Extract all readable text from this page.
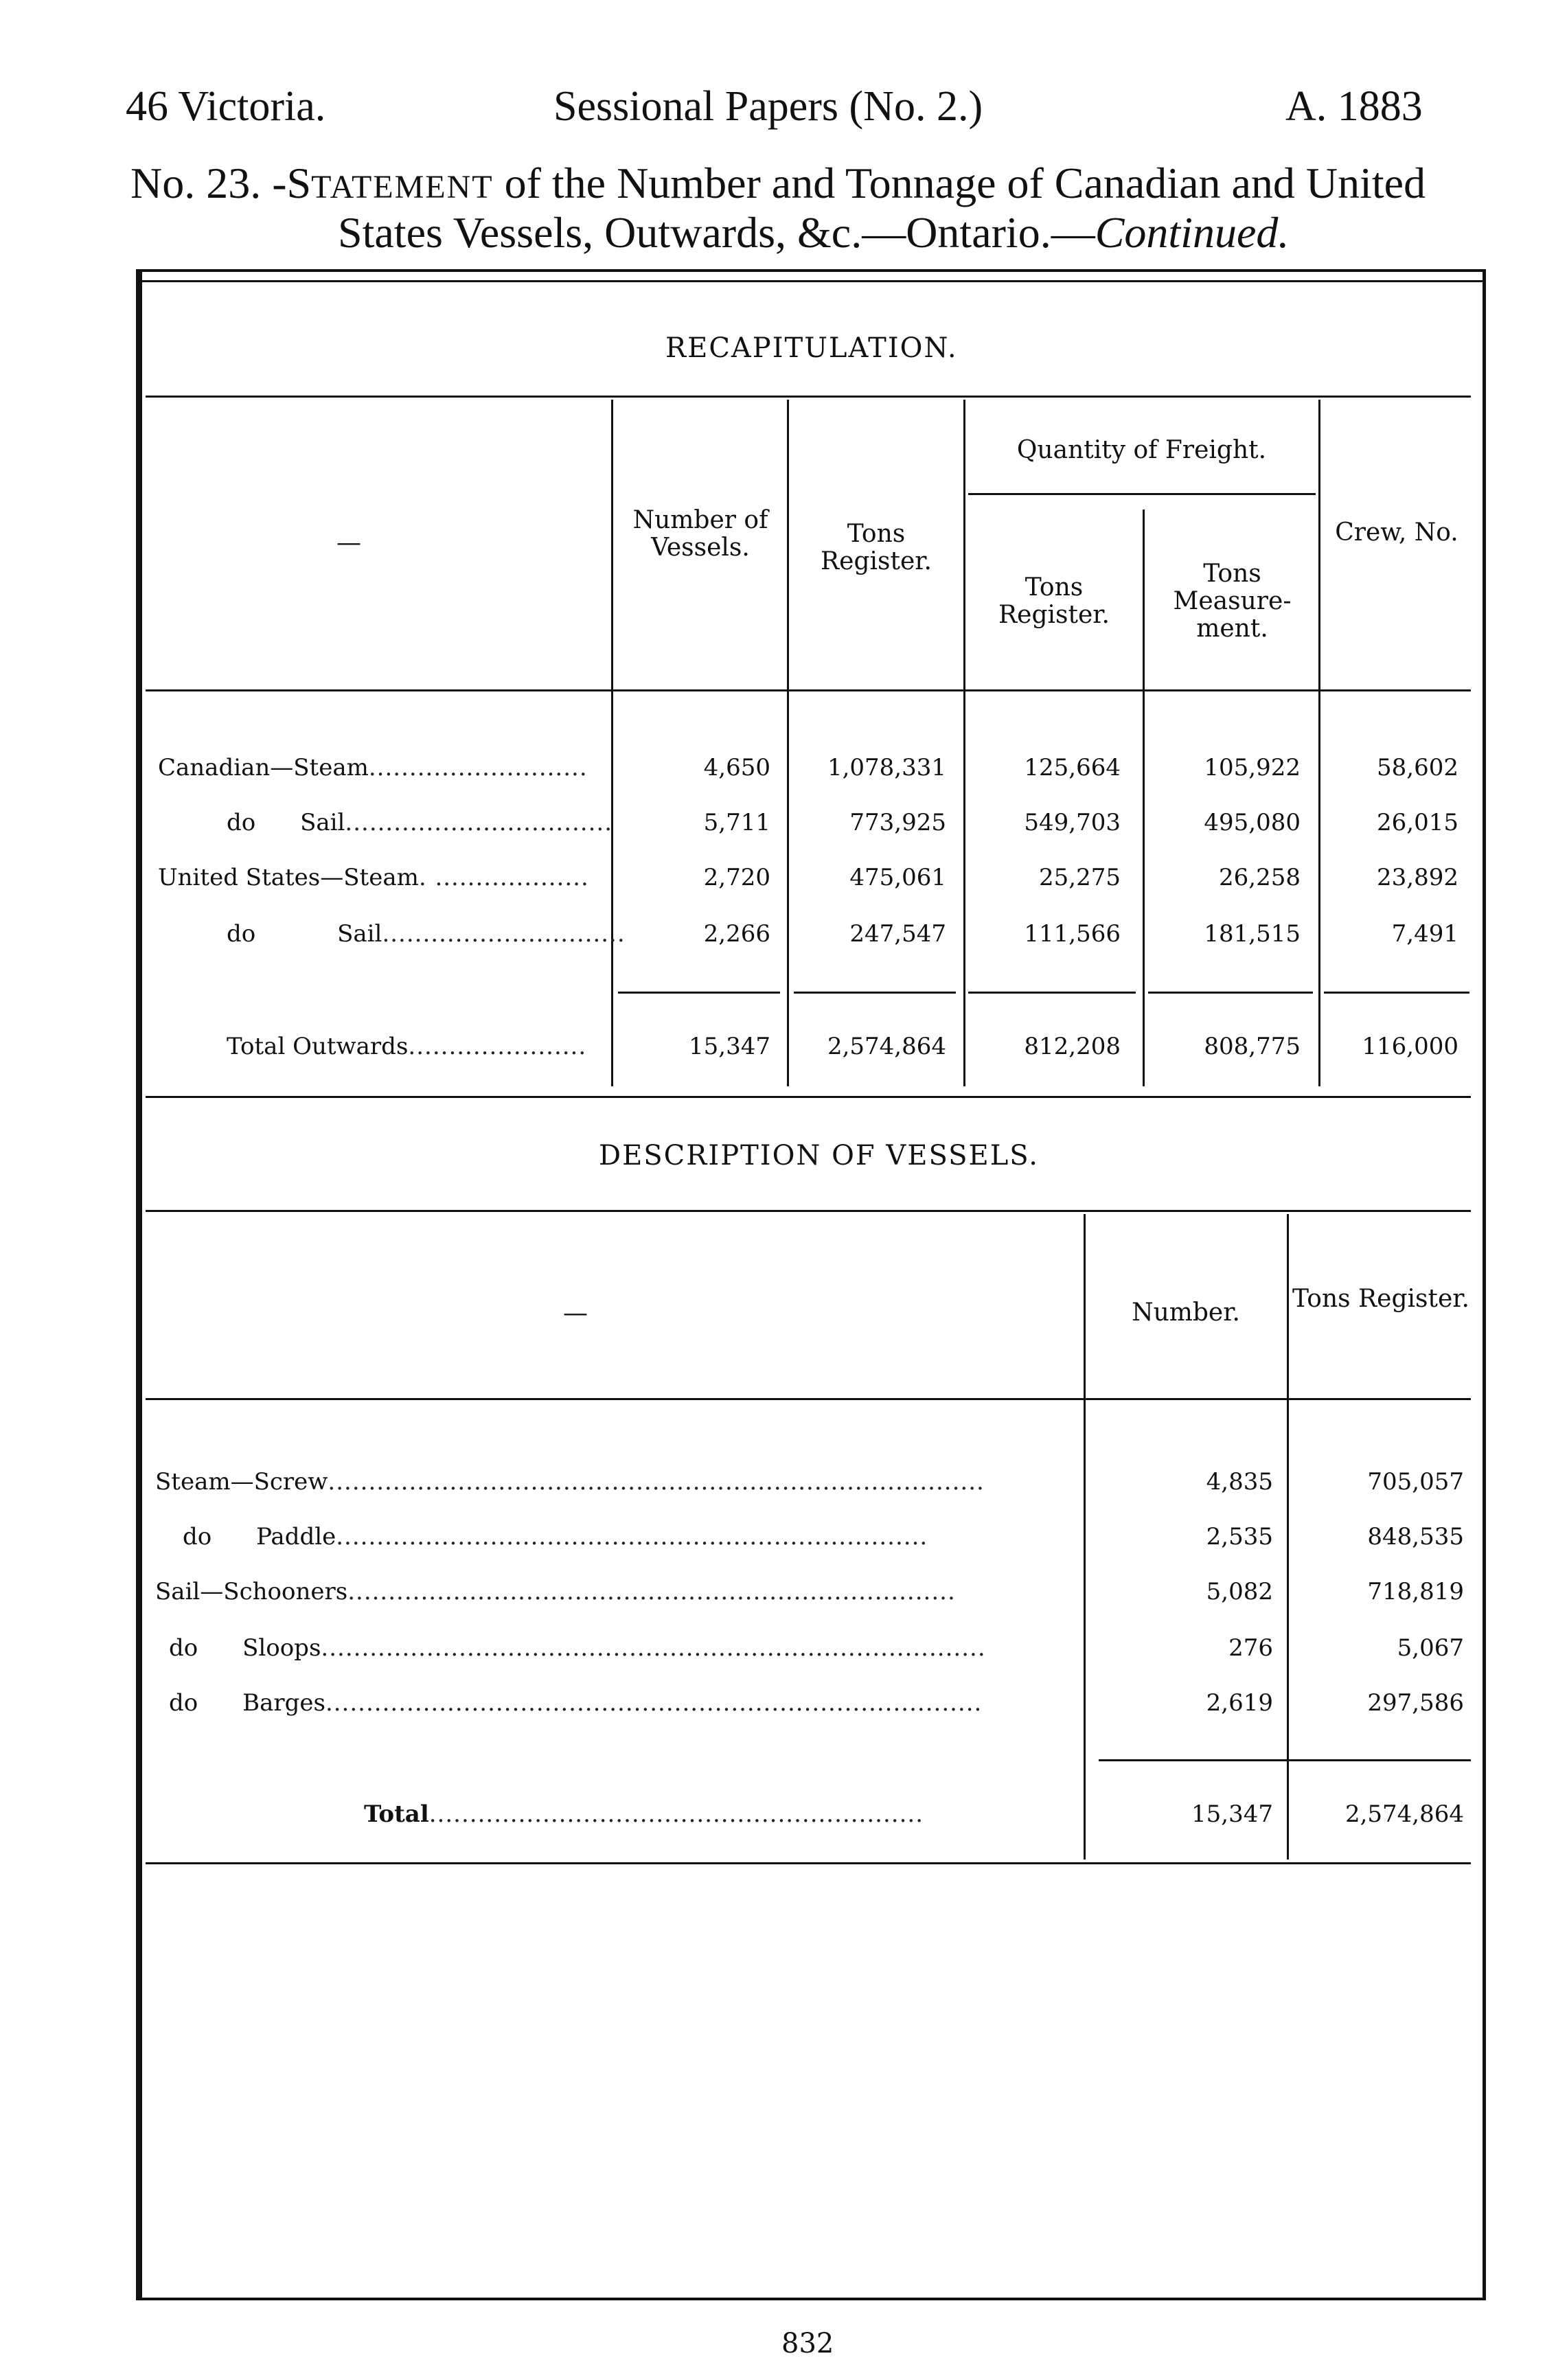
46 Victoria.	Sessional Papers (No. 2.)	A. 1883
No. 23. -STATEMENT of the Number and Tonnage of Canadian and United
States Vessels, Outwards, &c.—Ontario.—Continued.
RECAPITULATION.
—
Number of Vessels.	Tons Register.
Quantity of Freight.
Tons Register.
Tons Measure- ment.
Crew, No.
Canadian—Steam...........................	4,650	1,078,331	125,664	105,922	58,602
do      Sail.................................	5,711	773,925	549,703	495,080	26,015
United States—Steam. ...................	2,720	475,061	25,275	26,258	23,892
do           Sail..............................	2,266	247,547	111,566	181,515	7,491
Total Outwards......................	15,347	2,574,864	812,208	808,775	116,000
DESCRIPTION OF VESSELS.
—	Number.	Tons Register.
Steam—Screw.................................................................................	4,835	705,057
do      Paddle.........................................................................	2,535	848,535
Sail—Schooners...........................................................................	5,082	718,819
do      Sloops..................................................................................	276	5,067
do      Barges.................................................................................	2,619	297,586
Total.............................................................	15,347	2,574,864
832
